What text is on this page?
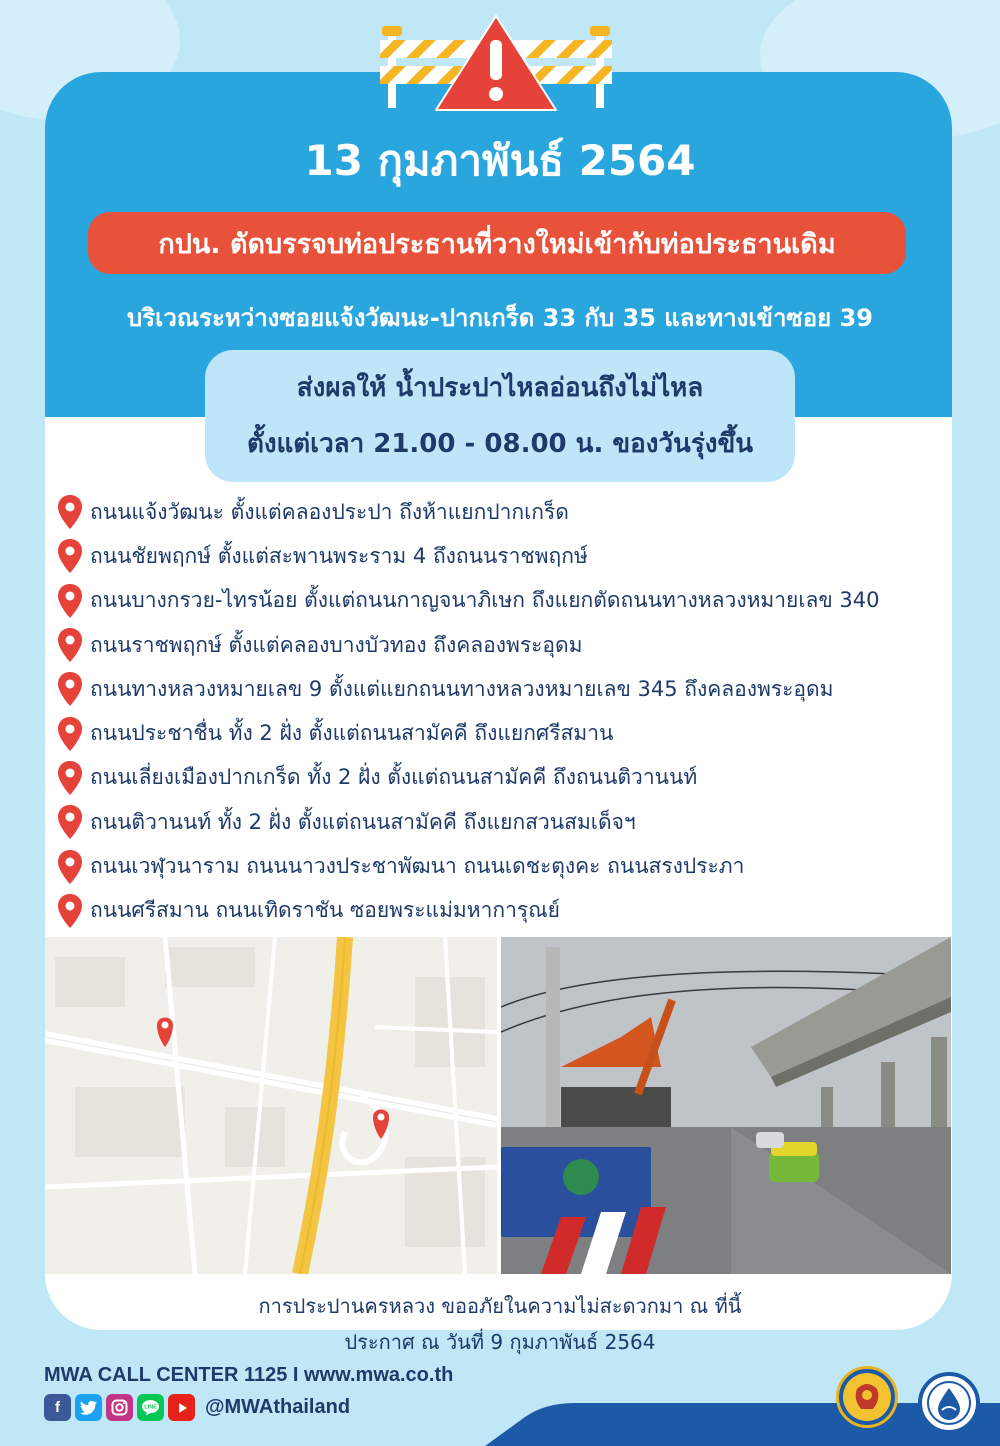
13 กุมภาพันธ์ 2564
กปน. ตัดบรรจบท่อประธานที่วางใหม่เข้ากับท่อประธานเดิม
บริเวณระหว่างซอยแจ้งวัฒนะ-ปากเกร็ด 33 กับ 35 และทางเข้าซอย 39
ส่งผลให้ น้ำประปาไหลอ่อนถึงไม่ไหล
ตั้งแต่เวลา 21.00 - 08.00 น. ของวันรุ่งขึ้น
ถนนแจ้งวัฒนะ ตั้งแต่คลองประปา ถึงห้าแยกปากเกร็ด
ถนนชัยพฤกษ์ ตั้งแต่สะพานพระราม 4 ถึงถนนราชพฤกษ์
ถนนบางกรวย-ไทรน้อย ตั้งแต่ถนนกาญจนาภิเษก ถึงแยกตัดถนนทางหลวงหมายเลข 340
ถนนราชพฤกษ์ ตั้งแต่คลองบางบัวทอง ถึงคลองพระอุดม
ถนนทางหลวงหมายเลข 9 ตั้งแต่แยกถนนทางหลวงหมายเลข 345 ถึงคลองพระอุดม
ถนนประชาชื่น ทั้ง 2 ฝั่ง ตั้งแต่ถนนสามัคคี ถึงแยกศรีสมาน
ถนนเลี่ยงเมืองปากเกร็ด ทั้ง 2 ฝั่ง ตั้งแต่ถนนสามัคคี ถึงถนนติวานนท์
ถนนติวานนท์ ทั้ง 2 ฝั่ง ตั้งแต่ถนนสามัคคี ถึงแยกสวนสมเด็จฯ
ถนนเวฬุวนาราม ถนนนาวงประชาพัฒนา ถนนเดชะตุงคะ ถนนสรงประภา
ถนนศรีสมาน ถนนเทิดราชัน ซอยพระแม่มหาการุณย์
การประปานครหลวง ขออภัยในความไม่สะดวกมา ณ ที่นี้
ประกาศ ณ วันที่ 9 กุมภาพันธ์ 2564
MWA CALL CENTER 1125 I www.mwa.co.th
f	LINE @MWAthailand
